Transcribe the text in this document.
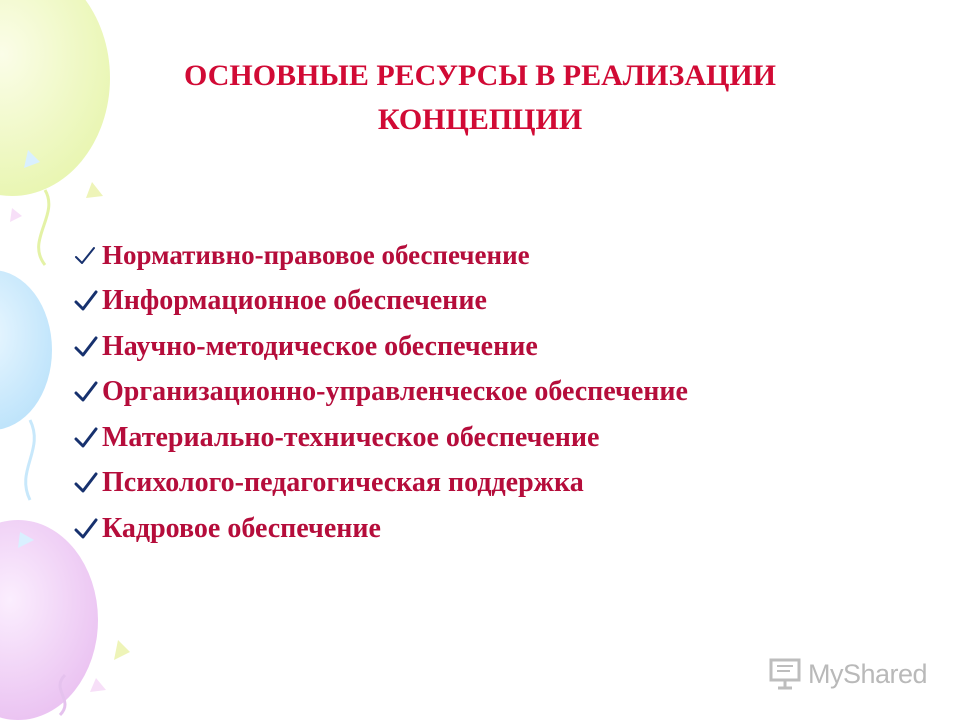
ОСНОВНЫЕ РЕСУРСЫ В РЕАЛИЗАЦИИ
КОНЦЕПЦИИ
Нормативно-правовое обеспечение
Информационное обеспечение
Научно-методическое обеспечение
Организационно-управленческое обеспечение
Материально-техническое обеспечение
Психолого-педагогическая поддержка
Кадровое обеспечение
MyShared
